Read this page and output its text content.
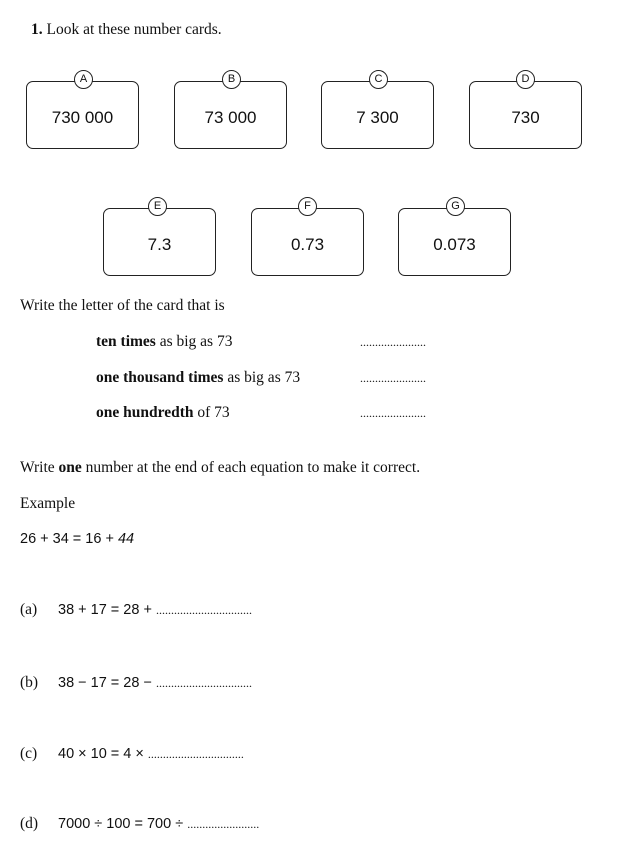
1. Look at these number cards.
730 000
A
73 000
B
7 300
C
730
D
7.3
E
0.73
F
0.073
G
Write the letter of the card that is
ten times as big as 73	......................
one thousand times as big as 73	......................
one hundredth of 73	......................
Write one number at the end of each equation to make it correct.
Example
26 + 34 = 16 + 44
(a) 38 + 17 = 28 + ................................
(b) 38 − 17 = 28 − ................................
(c) 40 × 10 = 4 × ................................
(d) 7000 ÷ 100 = 700 ÷ ........................
